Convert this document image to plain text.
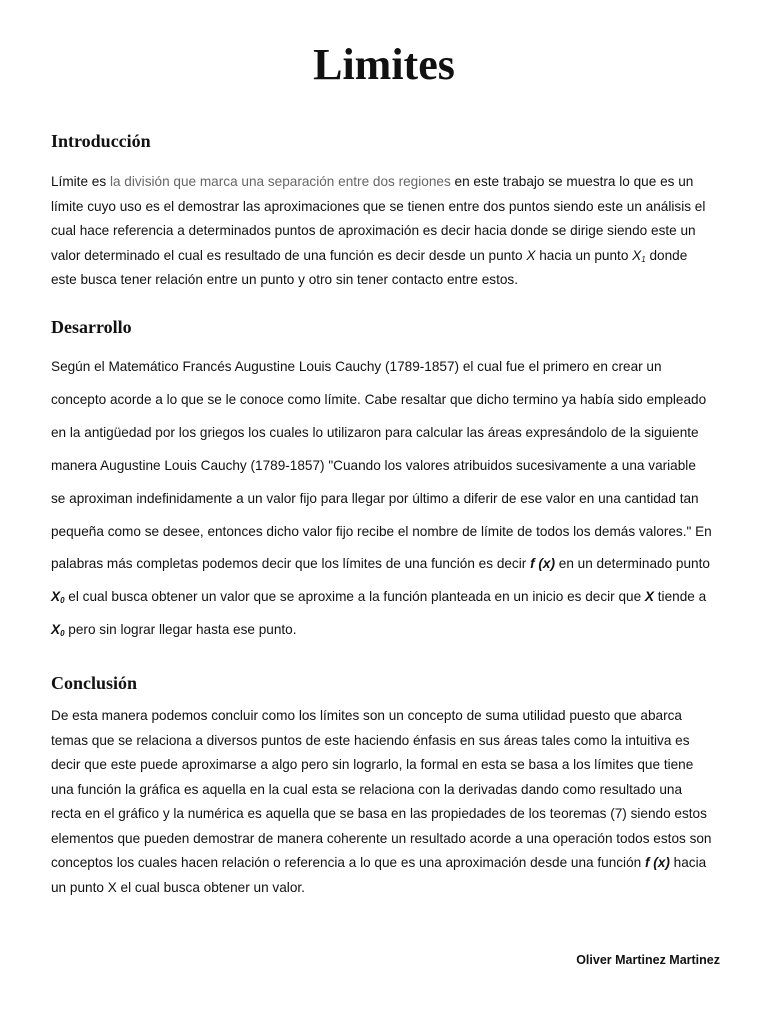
Limites
Introducción

Límite es la división que marca una separación entre dos regiones en este trabajo se muestra lo que es un límite cuyo uso es el demostrar las aproximaciones que se tienen entre dos puntos siendo este un análisis el cual hace referencia a determinados puntos de aproximación es decir hacia donde se dirige siendo este un valor determinado el cual es resultado de una función es decir desde un punto X hacia un punto $X_1$ donde este busca tener relación entre un punto y otro sin tener contacto entre estos.

Desarrollo

Según el Matemático Francés Augustine Louis Cauchy (1789-1857) el cual fue el primero en crear un concepto acorde a lo que se le conoce como límite. Cabe resaltar que dicho termino ya había sido empleado en la antigüedad por los griegos los cuales lo utilizaron para calcular las áreas expresándolo de la siguiente manera Augustine Louis Cauchy (1789-1857) "Cuando los valores atribuidos sucesivamente a una variable se aproximan indefinidamente a un valor fijo para llegar por último a diferir de ese valor en una cantidad tan pequeña como se desee, entonces dicho valor fijo recibe el nombre de límite de todos los demás valores." En palabras más completas podemos decir que los límites de una función es decir f (x) en un determinado punto $X_0$ el cual busca obtener un valor que se aproxime a la función planteada en un inicio es decir que X tiende a $X_0$ pero sin lograr llegar hasta ese punto.

Conclusión

De esta manera podemos concluir como los límites son un concepto de suma utilidad puesto que abarca temas que se relaciona a diversos puntos de este haciendo énfasis en sus áreas tales como la intuitiva es decir que este puede aproximarse a algo pero sin lograrlo, la formal en esta se basa a los límites que tiene una función la gráfica es aquella en la cual esta se relaciona con la derivadas dando como resultado una recta en el gráfico y la numérica es aquella que se basa en las propiedades de los teoremas (7) siendo estos elementos que pueden demostrar de manera coherente un resultado acorde a una operación todos estos son conceptos los cuales hacen relación o referencia a lo que es una aproximación desde una función f (x) hacia un punto X el cual busca obtener un valor.

Oliver Martinez Martinez
